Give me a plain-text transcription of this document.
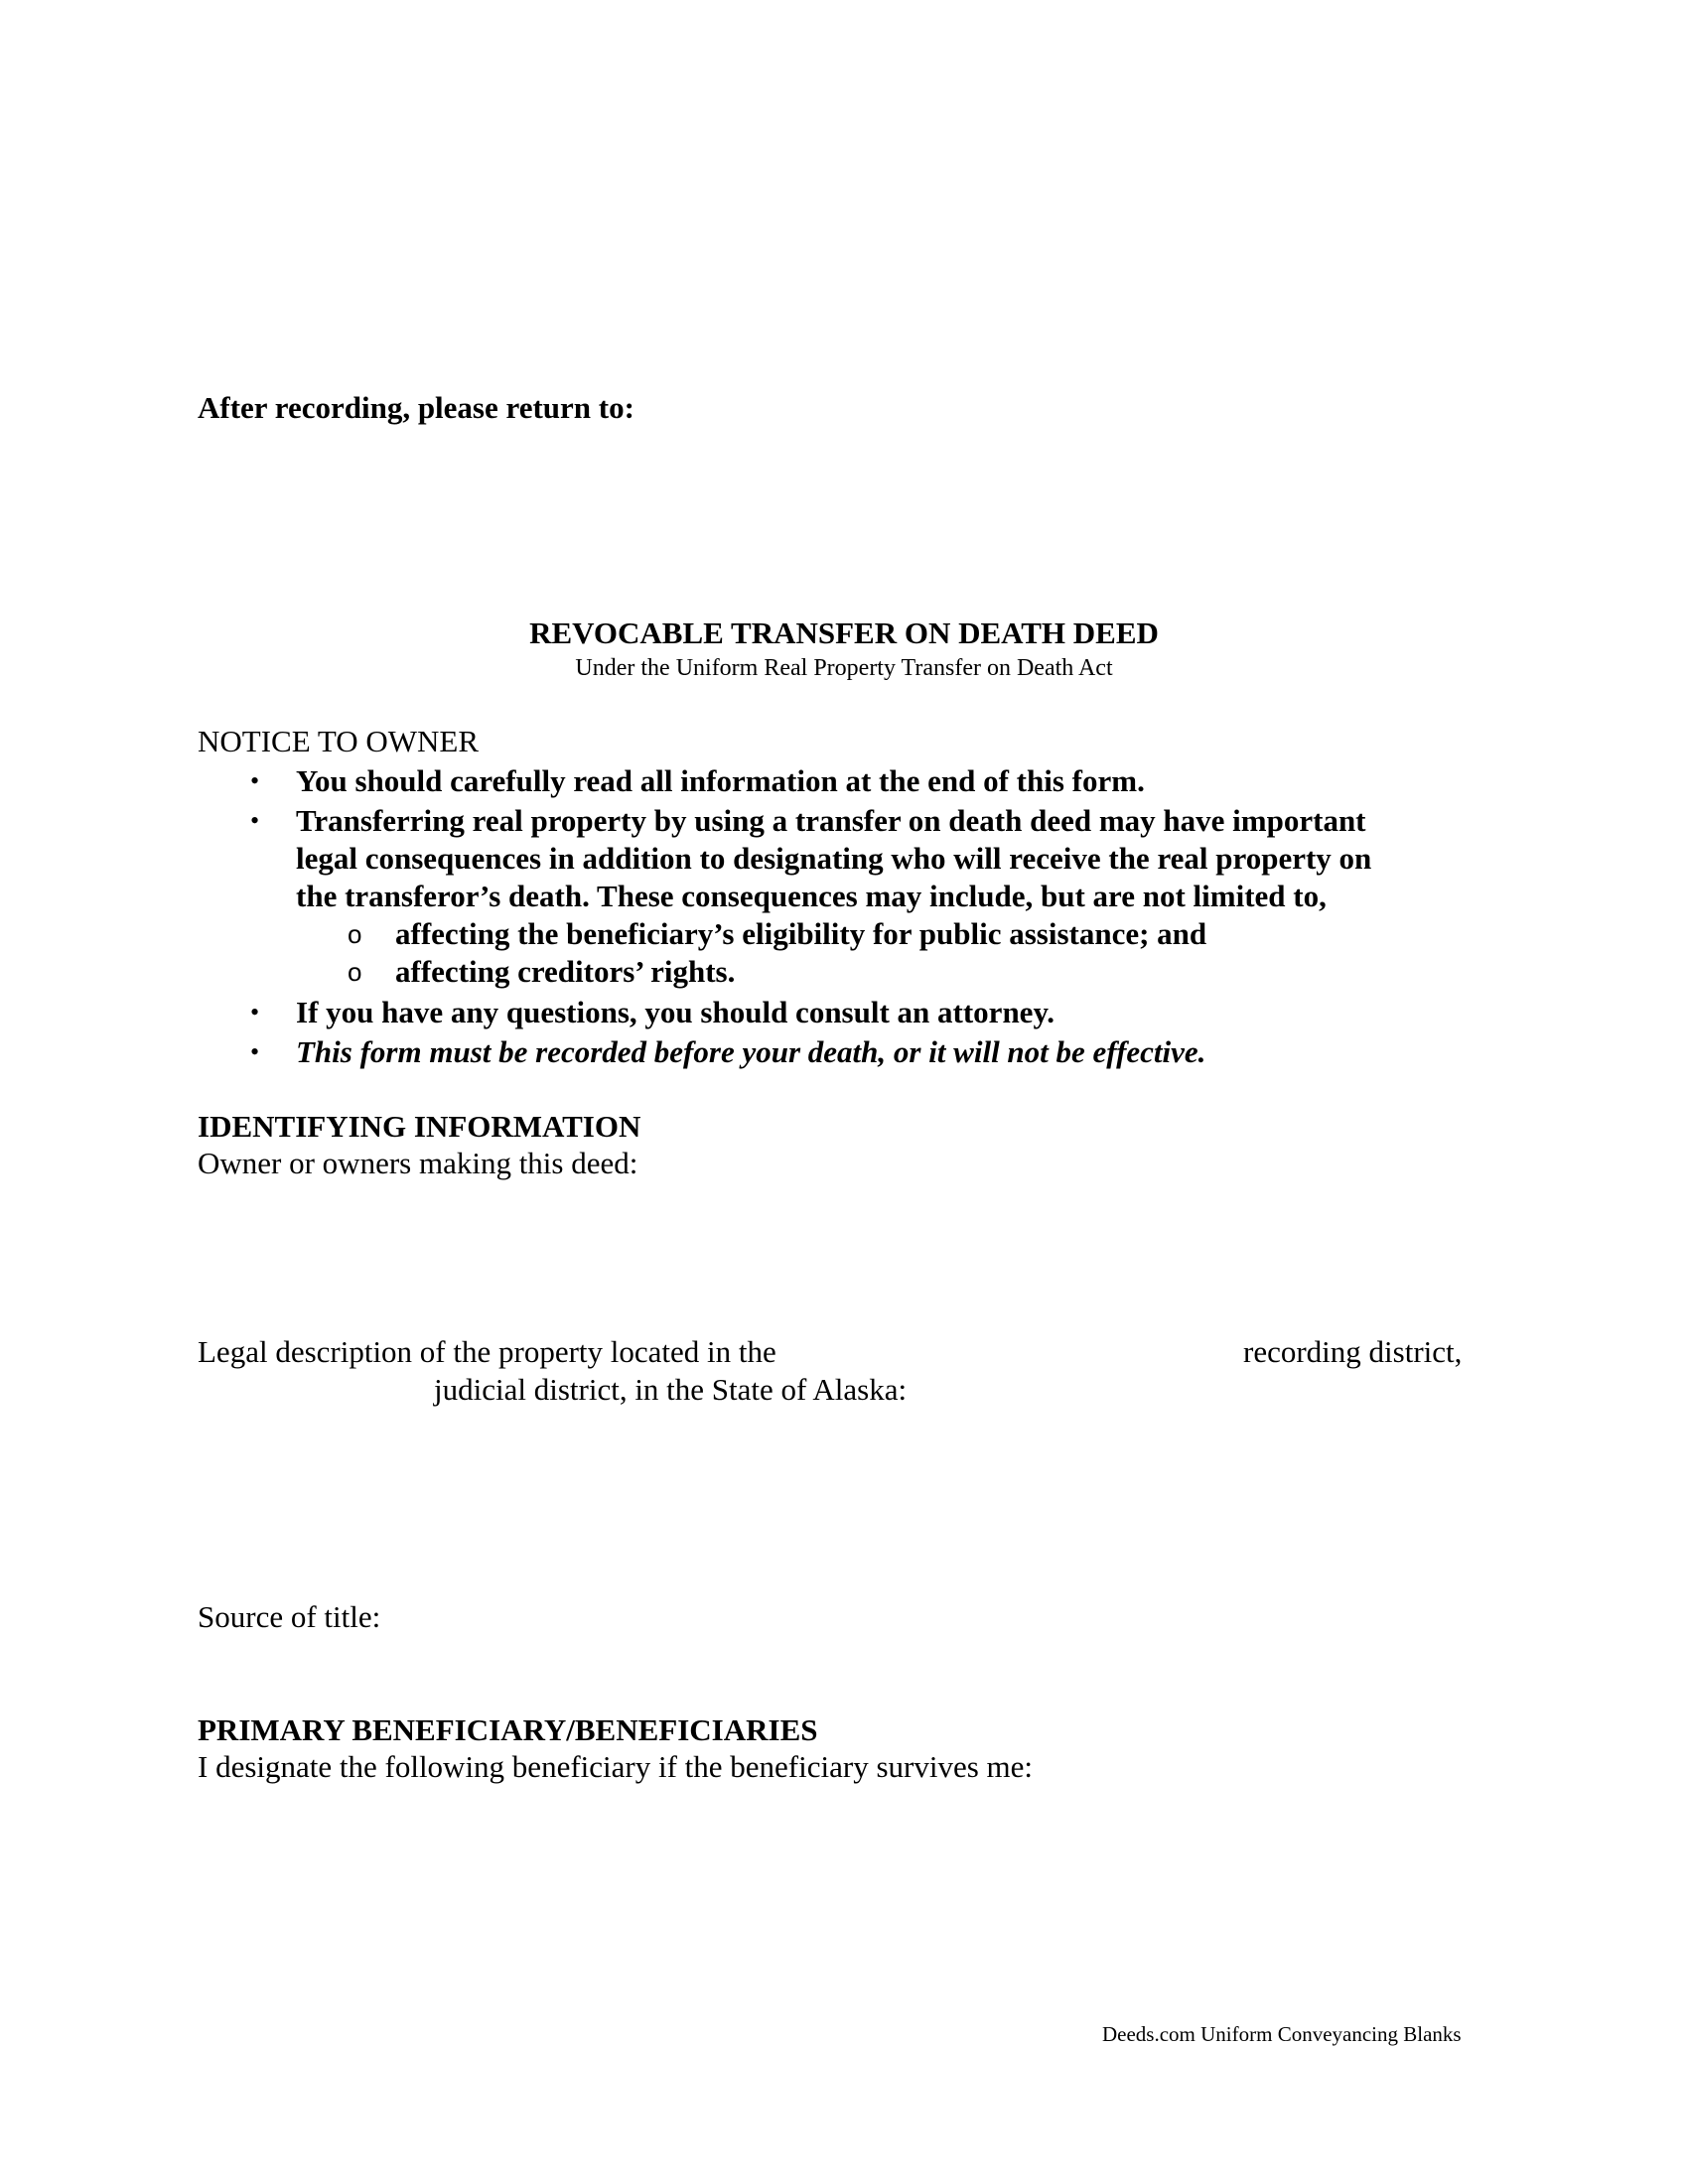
After recording, please return to:
REVOCABLE TRANSFER ON DEATH DEED
Under the Uniform Real Property Transfer on Death Act
NOTICE TO OWNER
• You should carefully read all information at the end of this form.
• Transferring real property by using a transfer on death deed may have important
legal consequences in addition to designating who will receive the real property on
the transferor’s death. These consequences may include, but are not limited to,
o affecting the beneficiary’s eligibility for public assistance; and
o affecting creditors’ rights.
• If you have any questions, you should consult an attorney.
• This form must be recorded before your death, or it will not be effective.
IDENTIFYING INFORMATION
Owner or owners making this deed:
Legal description of the property located in the	recording district,
judicial district, in the State of Alaska:
Source of title:
PRIMARY BENEFICIARY/BENEFICIARIES
I designate the following beneficiary if the beneficiary survives me:
Deeds.com Uniform Conveyancing Blanks
